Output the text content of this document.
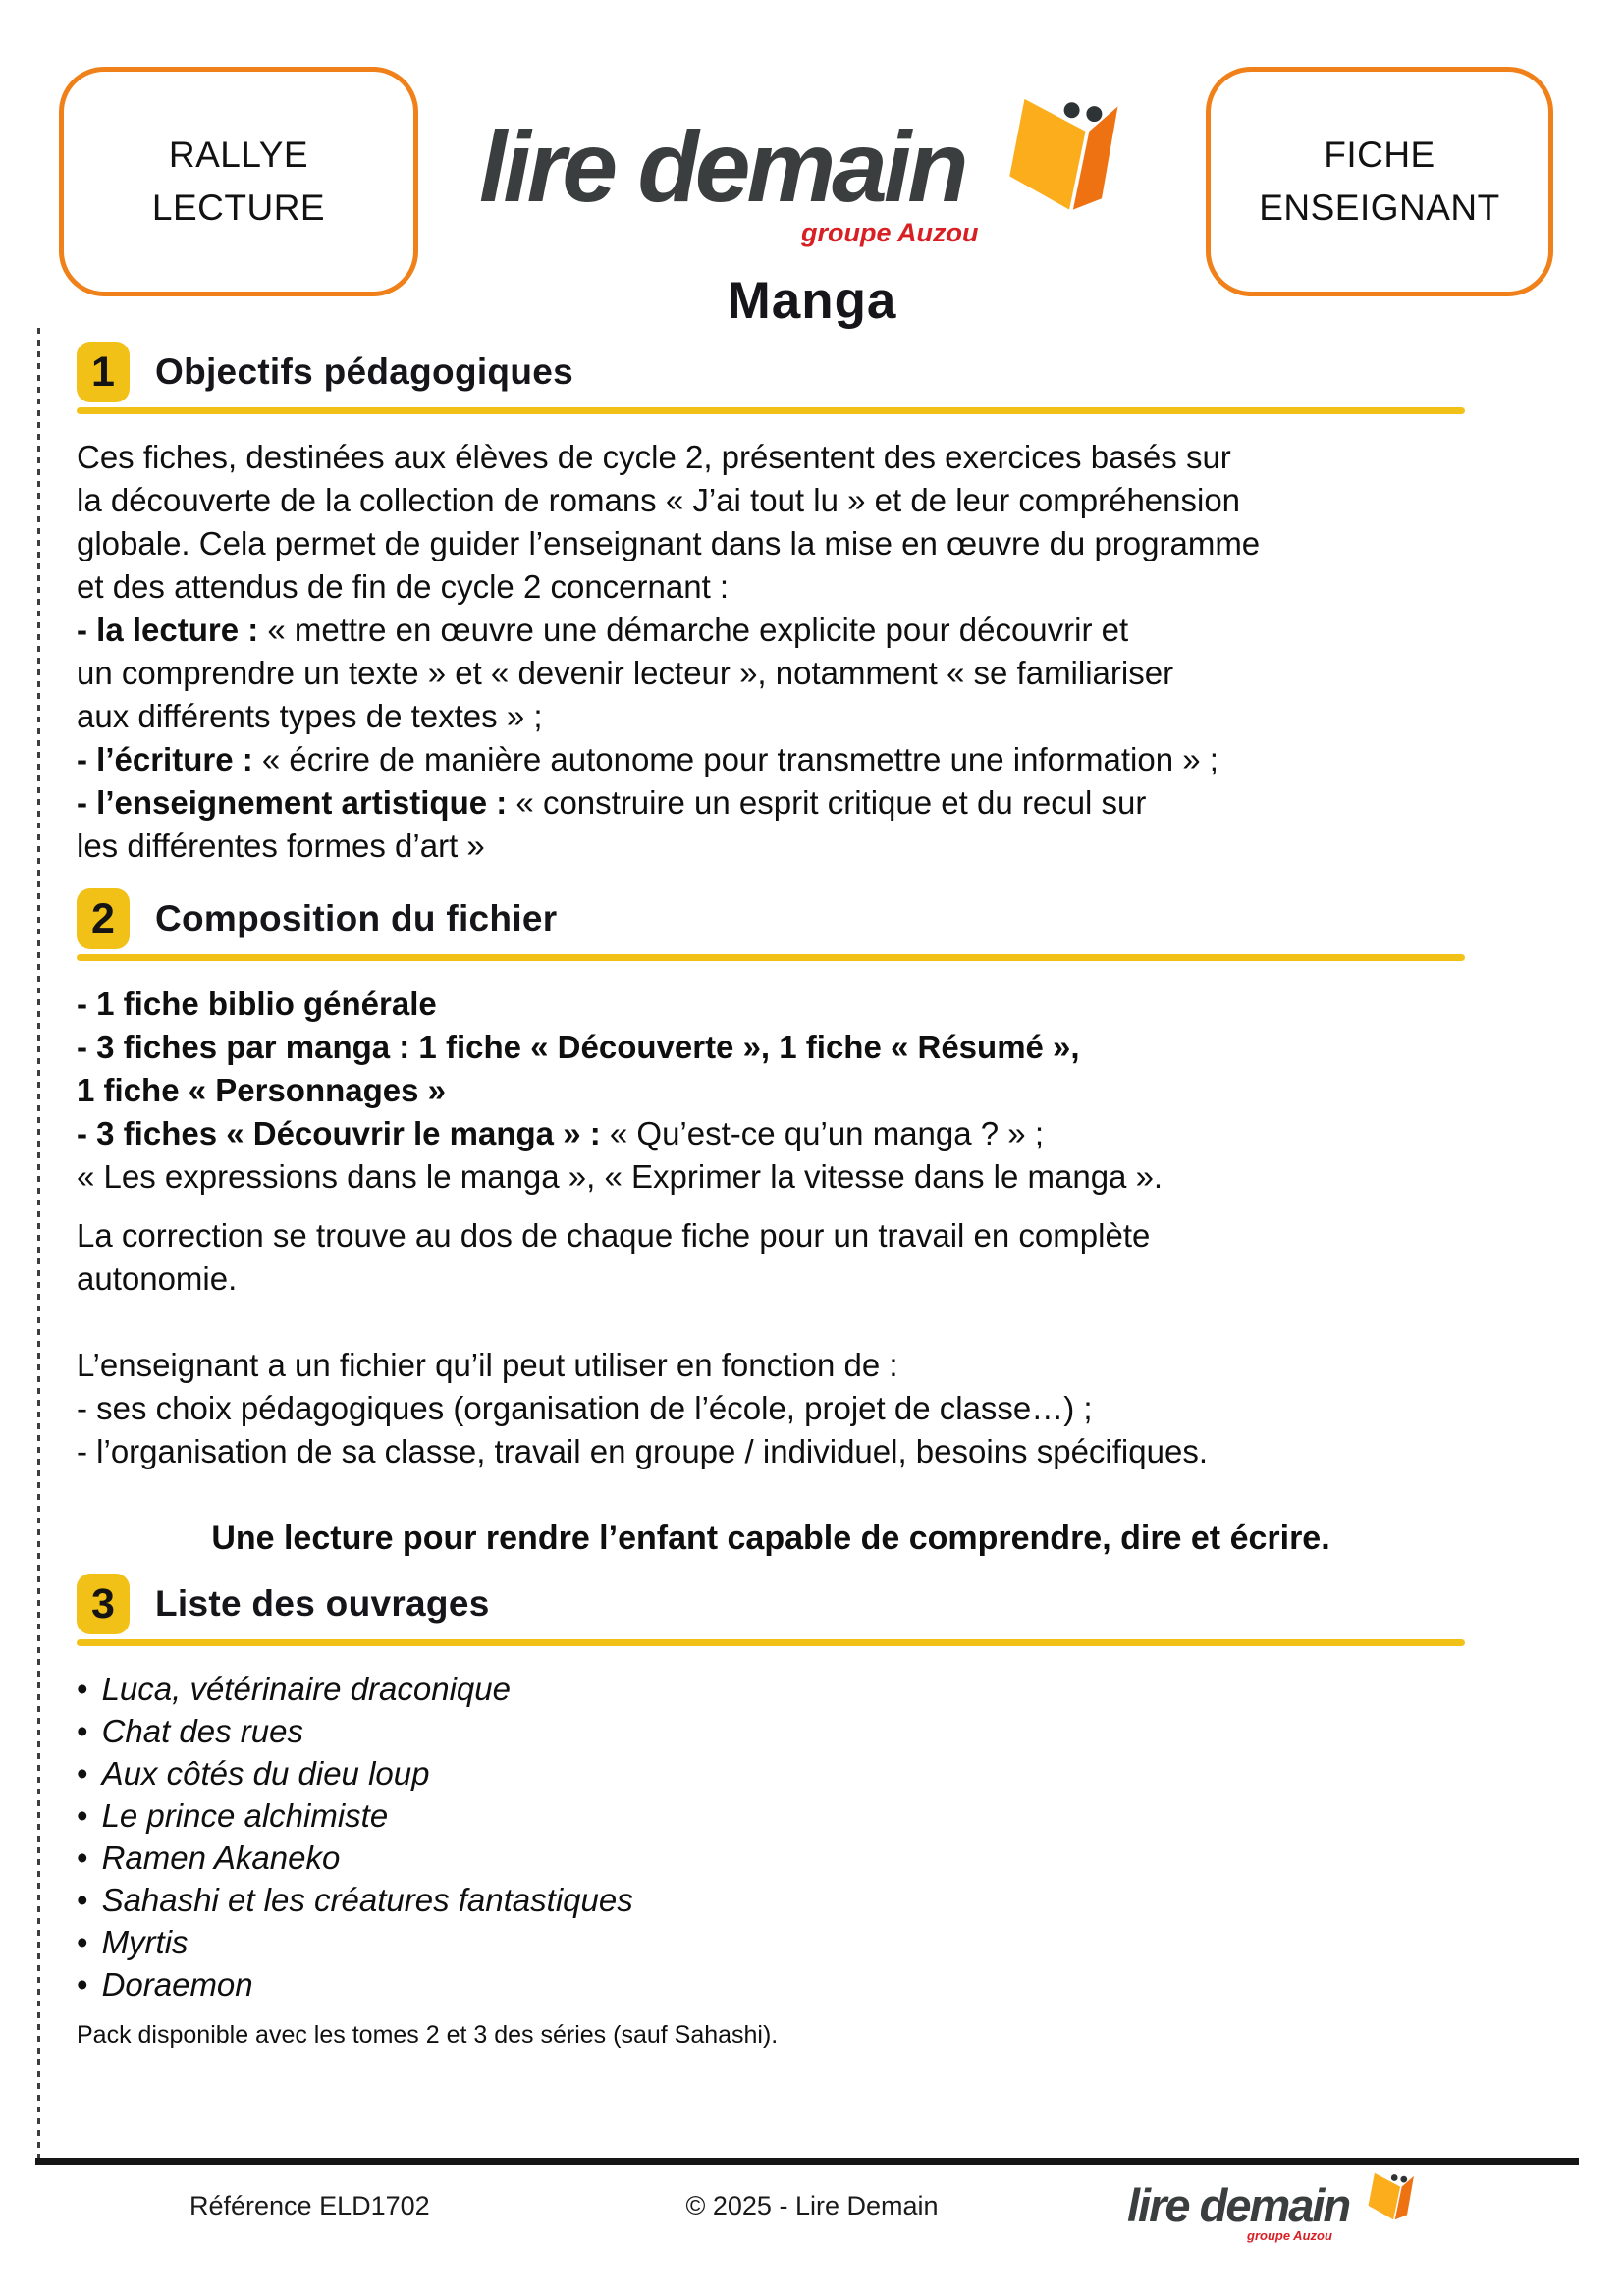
RALLYE
LECTURE
FICHE
ENSEIGNANT
lire demain
groupe Auzou
Manga
1	Objectifs pédagogiques
Ces fiches, destinées aux élèves de cycle 2, présentent des exercices basés sur
la découverte de la collection de romans « J’ai tout lu » et de leur compréhension
globale. Cela permet de guider l’enseignant dans la mise en œuvre du programme
et des attendus de fin de cycle 2 concernant :
- la lecture : « mettre en œuvre une démarche explicite pour découvrir et
un comprendre un texte » et « devenir lecteur », notamment « se familiariser
aux différents types de textes » ;
- l’écriture : « écrire de manière autonome pour transmettre une information » ;
- l’enseignement artistique : « construire un esprit critique et du recul sur
les différentes formes d’art »
2	Composition du fichier
- 1 fiche biblio générale
- 3 fiches par manga : 1 fiche « Découverte », 1 fiche « Résumé »,
1 fiche « Personnages »
- 3 fiches « Découvrir le manga » : « Qu’est-ce qu’un manga ? » ;
« Les expressions dans le manga », « Exprimer la vitesse dans le manga ».
La correction se trouve au dos de chaque fiche pour un travail en complète
autonomie.
L’enseignant a un fichier qu’il peut utiliser en fonction de :
- ses choix pédagogiques (organisation de l’école, projet de classe…) ;
- l’organisation de sa classe, travail en groupe / individuel, besoins spécifiques.
Une lecture pour rendre l’enfant capable de comprendre, dire et écrire.
3	Liste des ouvrages
• Luca, vétérinaire draconique
• Chat des rues
• Aux côtés du dieu loup
• Le prince alchimiste
• Ramen Akaneko
• Sahashi et les créatures fantastiques
• Myrtis
• Doraemon
Pack disponible avec les tomes 2 et 3 des séries (sauf Sahashi).
Référence ELD1702	© 2025 - Lire Demain	lire demain
groupe Auzou
